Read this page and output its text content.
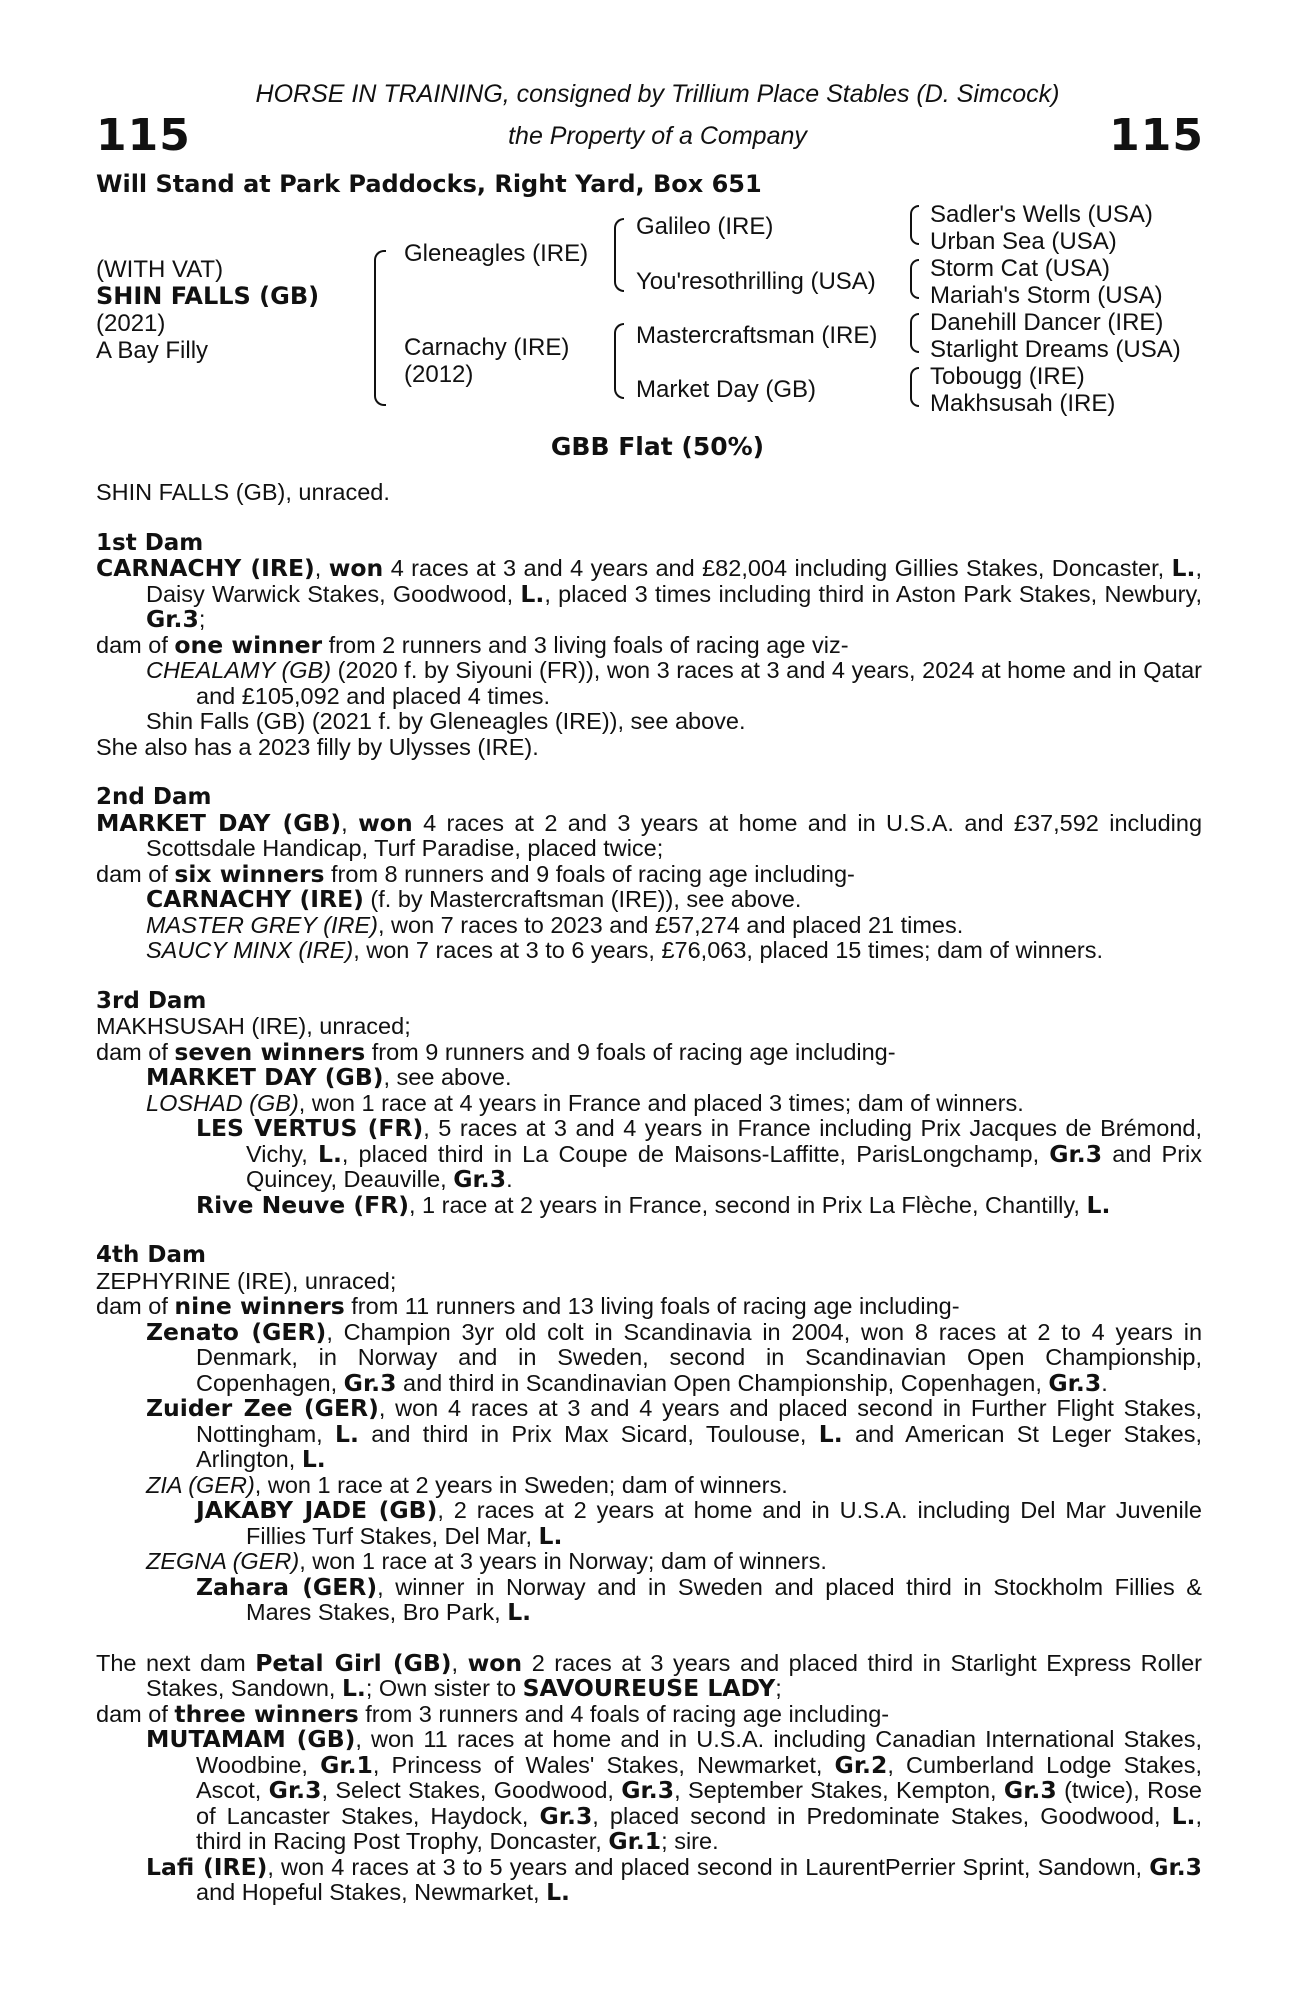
HORSE IN TRAINING, consigned by Trillium Place Stables (D. Simcock)
the Property of a Company
115	115
Will Stand at Park Paddocks, Right Yard, Box 651
(WITH VAT)
SHIN FALLS (GB)
(2021)
A Bay Filly
Gleneagles (IRE)
Carnachy (IRE)
(2012)
Galileo (IRE)
You'resothrilling (USA)
Mastercraftsman (IRE)
Market Day (GB)
Sadler's Wells (USA)
Urban Sea (USA)
Storm Cat (USA)
Mariah's Storm (USA)
Danehill Dancer (IRE)
Starlight Dreams (USA)
Tobougg (IRE)
Makhsusah (IRE)
GBB Flat (50%)

SHIN FALLS (GB), unraced.

1st Dam

CARNACHY (IRE), won 4 races at 3 and 4 years and £82,004 including Gillies Stakes, Doncaster, L., Daisy Warwick Stakes, Goodwood, L., placed 3 times including third in Aston Park Stakes, Newbury, Gr.3;

dam of one winner from 2 runners and 3 living foals of racing age viz-

CHEALAMY (GB) (2020 f. by Siyouni (FR)), won 3 races at 3 and 4 years, 2024 at home and in Qatar and £105,092 and placed 4 times.

Shin Falls (GB) (2021 f. by Gleneagles (IRE)), see above.

She also has a 2023 filly by Ulysses (IRE).

2nd Dam

MARKET DAY (GB), won 4 races at 2 and 3 years at home and in U.S.A. and £37,592 including Scottsdale Handicap, Turf Paradise, placed twice;

dam of six winners from 8 runners and 9 foals of racing age including-

CARNACHY (IRE) (f. by Mastercraftsman (IRE)), see above.

MASTER GREY (IRE), won 7 races to 2023 and £57,274 and placed 21 times.

SAUCY MINX (IRE), won 7 races at 3 to 6 years, £76,063, placed 15 times; dam of winners.

3rd Dam

MAKHSUSAH (IRE), unraced;

dam of seven winners from 9 runners and 9 foals of racing age including-

MARKET DAY (GB), see above.

LOSHAD (GB), won 1 race at 4 years in France and placed 3 times; dam of winners.

LES VERTUS (FR), 5 races at 3 and 4 years in France including Prix Jacques de Brémond, Vichy, L., placed third in La Coupe de Maisons-Laffitte, ParisLongchamp, Gr.3 and Prix Quincey, Deauville, Gr.3.

Rive Neuve (FR), 1 race at 2 years in France, second in Prix La Flèche, Chantilly, L.

4th Dam

ZEPHYRINE (IRE), unraced;

dam of nine winners from 11 runners and 13 living foals of racing age including-

Zenato (GER), Champion 3yr old colt in Scandinavia in 2004, won 8 races at 2 to 4 years in Denmark, in Norway and in Sweden, second in Scandinavian Open Championship, Copenhagen, Gr.3 and third in Scandinavian Open Championship, Copenhagen, Gr.3.

Zuider Zee (GER), won 4 races at 3 and 4 years and placed second in Further Flight Stakes, Nottingham, L. and third in Prix Max Sicard, Toulouse, L. and American St Leger Stakes, Arlington, L.

ZIA (GER), won 1 race at 2 years in Sweden; dam of winners.

JAKABY JADE (GB), 2 races at 2 years at home and in U.S.A. including Del Mar Juvenile Fillies Turf Stakes, Del Mar, L.

ZEGNA (GER), won 1 race at 3 years in Norway; dam of winners.

Zahara (GER), winner in Norway and in Sweden and placed third in Stockholm Fillies & Mares Stakes, Bro Park, L.

The next dam Petal Girl (GB), won 2 races at 3 years and placed third in Starlight Express Roller Stakes, Sandown, L.; Own sister to SAVOUREUSE LADY;

dam of three winners from 3 runners and 4 foals of racing age including-

MUTAMAM (GB), won 11 races at home and in U.S.A. including Canadian International Stakes, Woodbine, Gr.1, Princess of Wales' Stakes, Newmarket, Gr.2, Cumberland Lodge Stakes, Ascot, Gr.3, Select Stakes, Goodwood, Gr.3, September Stakes, Kempton, Gr.3 (twice), Rose of Lancaster Stakes, Haydock, Gr.3, placed second in Predominate Stakes, Goodwood, L., third in Racing Post Trophy, Doncaster, Gr.1; sire.

Lafi (IRE), won 4 races at 3 to 5 years and placed second in LaurentPerrier Sprint, Sandown, Gr.3 and Hopeful Stakes, Newmarket, L.
